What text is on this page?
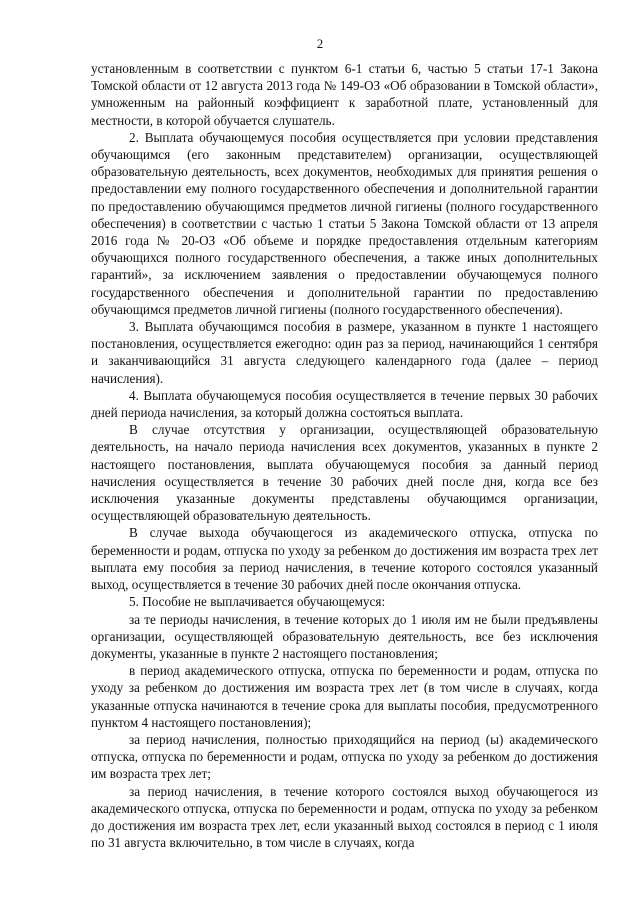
2

установленным в соответствии с пунктом 6-1 статьи 6, частью 5 статьи 17-1 Закона Томской области от 12 августа 2013 года № 149-ОЗ «Об образовании в Томской области», умноженным на районный коэффициент к заработной плате, установленный для местности, в которой обучается слушатель.

2. Выплата обучающемуся пособия осуществляется при условии представления обучающимся (его законным представителем) организации, осуществляющей образовательную деятельность, всех документов, необходимых для принятия решения о предоставлении ему полного государственного обеспечения и дополнительной гарантии по предоставлению обучающимся предметов личной гигиены (полного государственного обеспечения) в соответствии с частью 1 статьи 5 Закона Томской области от 13 апреля 2016 года № 20-ОЗ «Об объеме и порядке предоставления отдельным категориям обучающихся полного государственного обеспечения, а также иных дополнительных гарантий», за исключением заявления о предоставлении обучающемуся полного государственного обеспечения и дополнительной гарантии по предоставлению обучающимся предметов личной гигиены (полного государственного обеспечения).

3. Выплата обучающимся пособия в размере, указанном в пункте 1 настоящего постановления, осуществляется ежегодно: один раз за период, начинающийся 1 сентября и заканчивающийся 31 августа следующего календарного года (далее – период начисления).

4. Выплата обучающемуся пособия осуществляется в течение первых 30 рабочих дней периода начисления, за который должна состояться выплата.

В случае отсутствия у организации, осуществляющей образовательную деятельность, на начало периода начисления всех документов, указанных в пункте 2 настоящего постановления, выплата обучающемуся пособия за данный период начисления осуществляется в течение 30 рабочих дней после дня, когда все без исключения указанные документы представлены обучающимся организации, осуществляющей образовательную деятельность.

В случае выхода обучающегося из академического отпуска, отпуска по беременности и родам, отпуска по уходу за ребенком до достижения им возраста трех лет выплата ему пособия за период начисления, в течение которого состоялся указанный выход, осуществляется в течение 30 рабочих дней после окончания отпуска.

5. Пособие не выплачивается обучающемуся:

за те периоды начисления, в течение которых до 1 июля им не были предъявлены организации, осуществляющей образовательную деятельность, все без исключения документы, указанные в пункте 2 настоящего постановления;

в период академического отпуска, отпуска по беременности и родам, отпуска по уходу за ребенком до достижения им возраста трех лет (в том числе в случаях, когда указанные отпуска начинаются в течение срока для выплаты пособия, предусмотренного пунктом 4 настоящего постановления);

за период начисления, полностью приходящийся на период (ы) академического отпуска, отпуска по беременности и родам, отпуска по уходу за ребенком до достижения им возраста трех лет;

за период начисления, в течение которого состоялся выход обучающегося из академического отпуска, отпуска по беременности и родам, отпуска по уходу за ребенком до достижения им возраста трех лет, если указанный выход состоялся в период с 1 июля по 31 августа включительно, в том числе в случаях, когда
